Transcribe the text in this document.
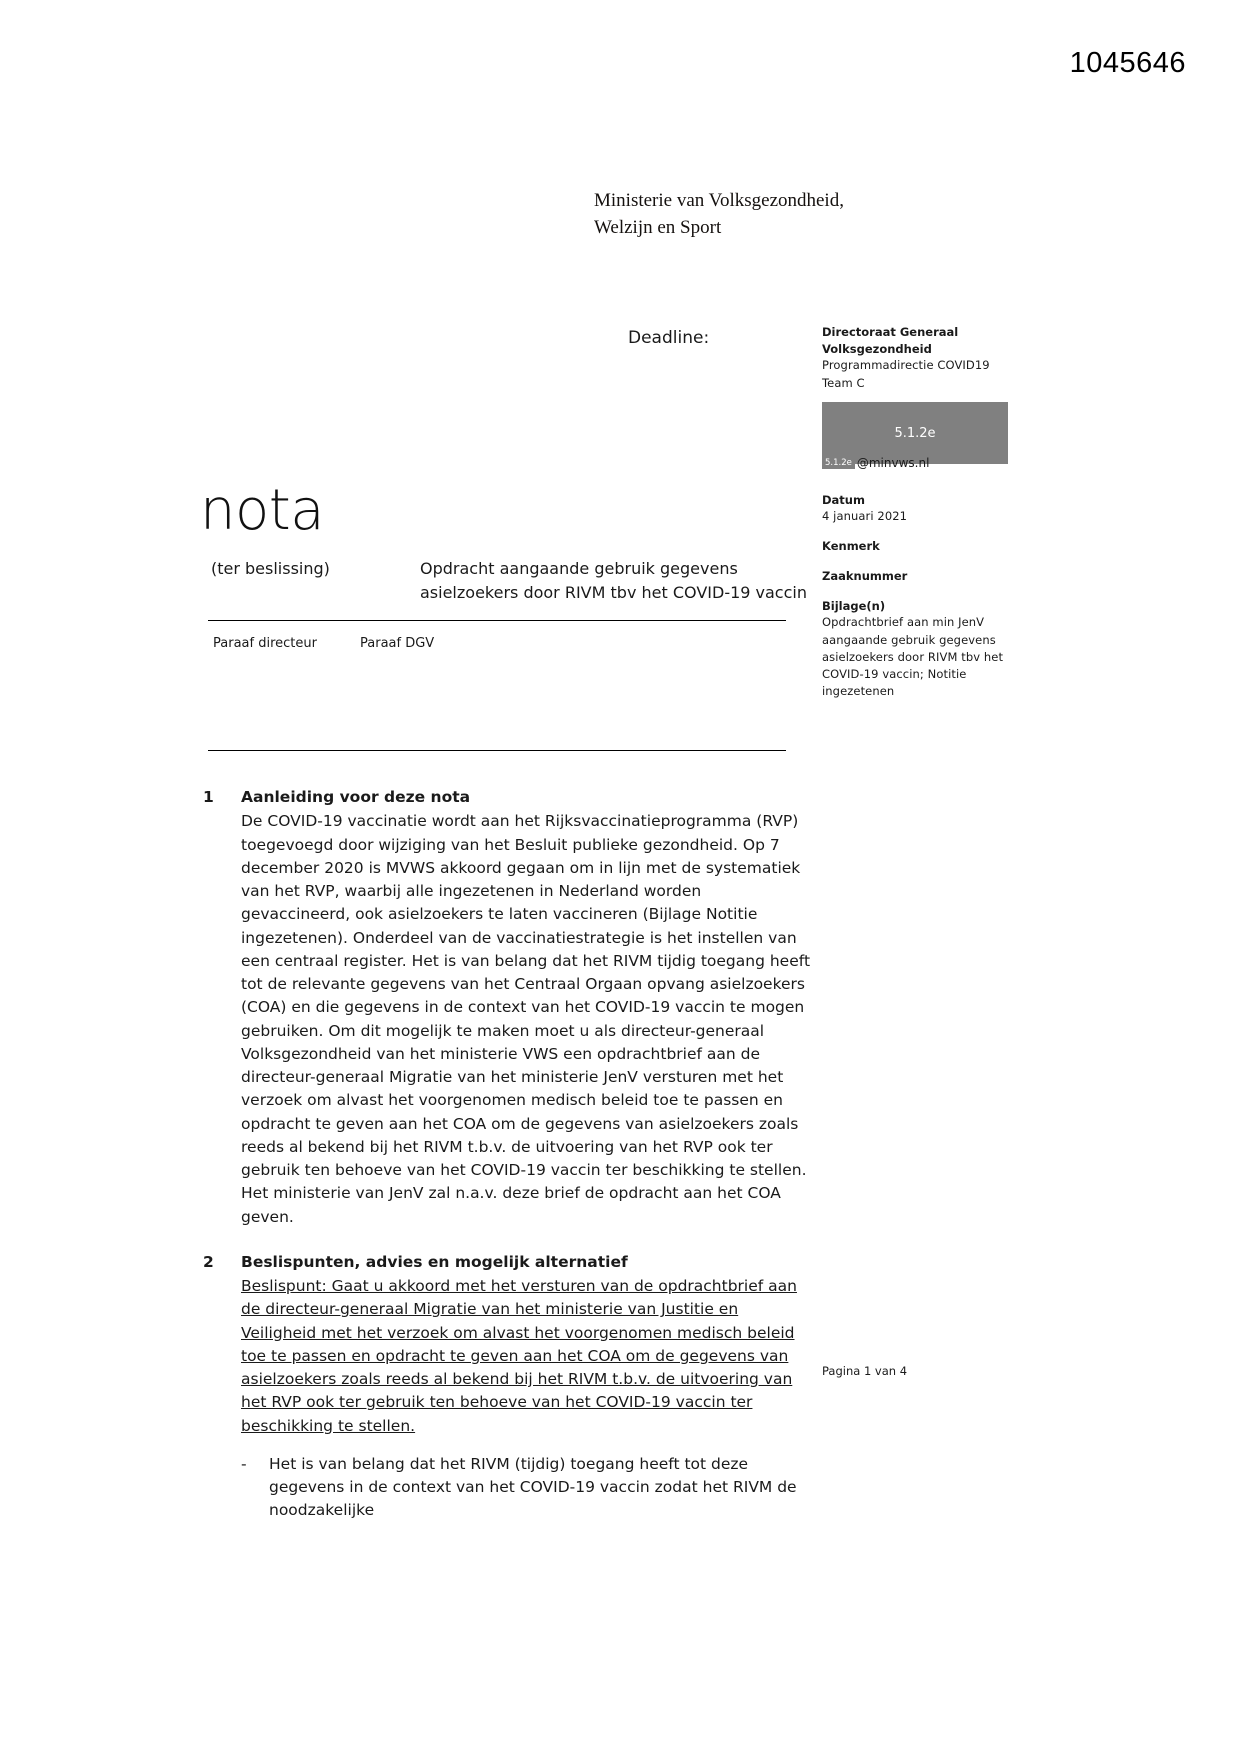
1045646
Ministerie van Volksgezondheid,
Welzijn en Sport
Deadline:	Directoraat Generaal
Volksgezondheid
Programmadirectie COVID19
Team C
Datum
4 januari 2021
Kenmerk
Zaaknummer
Bijlage(n)
Opdrachtbrief aan min JenV aangaande gebruik gegevens asielzoekers door RIVM tbv het COVID-19 vaccin; Notitie ingezetenen
5.1.2e
5.1.2e @minvws.nl
nota
(ter beslissing)	Opdracht aangaande gebruik gegevens asielzoekers door RIVM tbv het COVID-19 vaccin
Paraaf directeur	Paraaf DGV
1 Aanleiding voor deze nota
De COVID-19 vaccinatie wordt aan het Rijksvaccinatieprogramma (RVP) toegevoegd door wijziging van het Besluit publieke gezondheid. Op 7 december 2020 is MVWS akkoord gegaan om in lijn met de systematiek van het RVP, waarbij alle ingezetenen in Nederland worden gevaccineerd, ook asielzoekers te laten vaccineren (Bijlage Notitie ingezetenen). Onderdeel van de vaccinatiestrategie is het instellen van een centraal register. Het is van belang dat het RIVM tijdig toegang heeft tot de relevante gegevens van het Centraal Orgaan opvang asielzoekers (COA) en die gegevens in de context van het COVID-19 vaccin te mogen gebruiken. Om dit mogelijk te maken moet u als directeur-generaal Volksgezondheid van het ministerie VWS een opdrachtbrief aan de directeur-generaal Migratie van het ministerie JenV versturen met het verzoek om alvast het voorgenomen medisch beleid toe te passen en opdracht te geven aan het COA om de gegevens van asielzoekers zoals reeds al bekend bij het RIVM t.b.v. de uitvoering van het RVP ook ter gebruik ten behoeve van het COVID-19 vaccin ter beschikking te stellen. Het ministerie van JenV zal n.a.v. deze brief de opdracht aan het COA geven.
2 Beslispunten, advies en mogelijk alternatief
Beslispunt: Gaat u akkoord met het versturen van de opdrachtbrief aan de directeur-generaal Migratie van het ministerie van Justitie en Veiligheid met het verzoek om alvast het voorgenomen medisch beleid toe te passen en opdracht te geven aan het COA om de gegevens van asielzoekers zoals reeds al bekend bij het RIVM t.b.v. de uitvoering van het RVP ook ter gebruik ten behoeve van het COVID-19 vaccin ter beschikking te stellen.
- Het is van belang dat het RIVM (tijdig) toegang heeft tot deze gegevens in de context van het COVID-19 vaccin zodat het RIVM de noodzakelijke
Pagina 1 van 4
